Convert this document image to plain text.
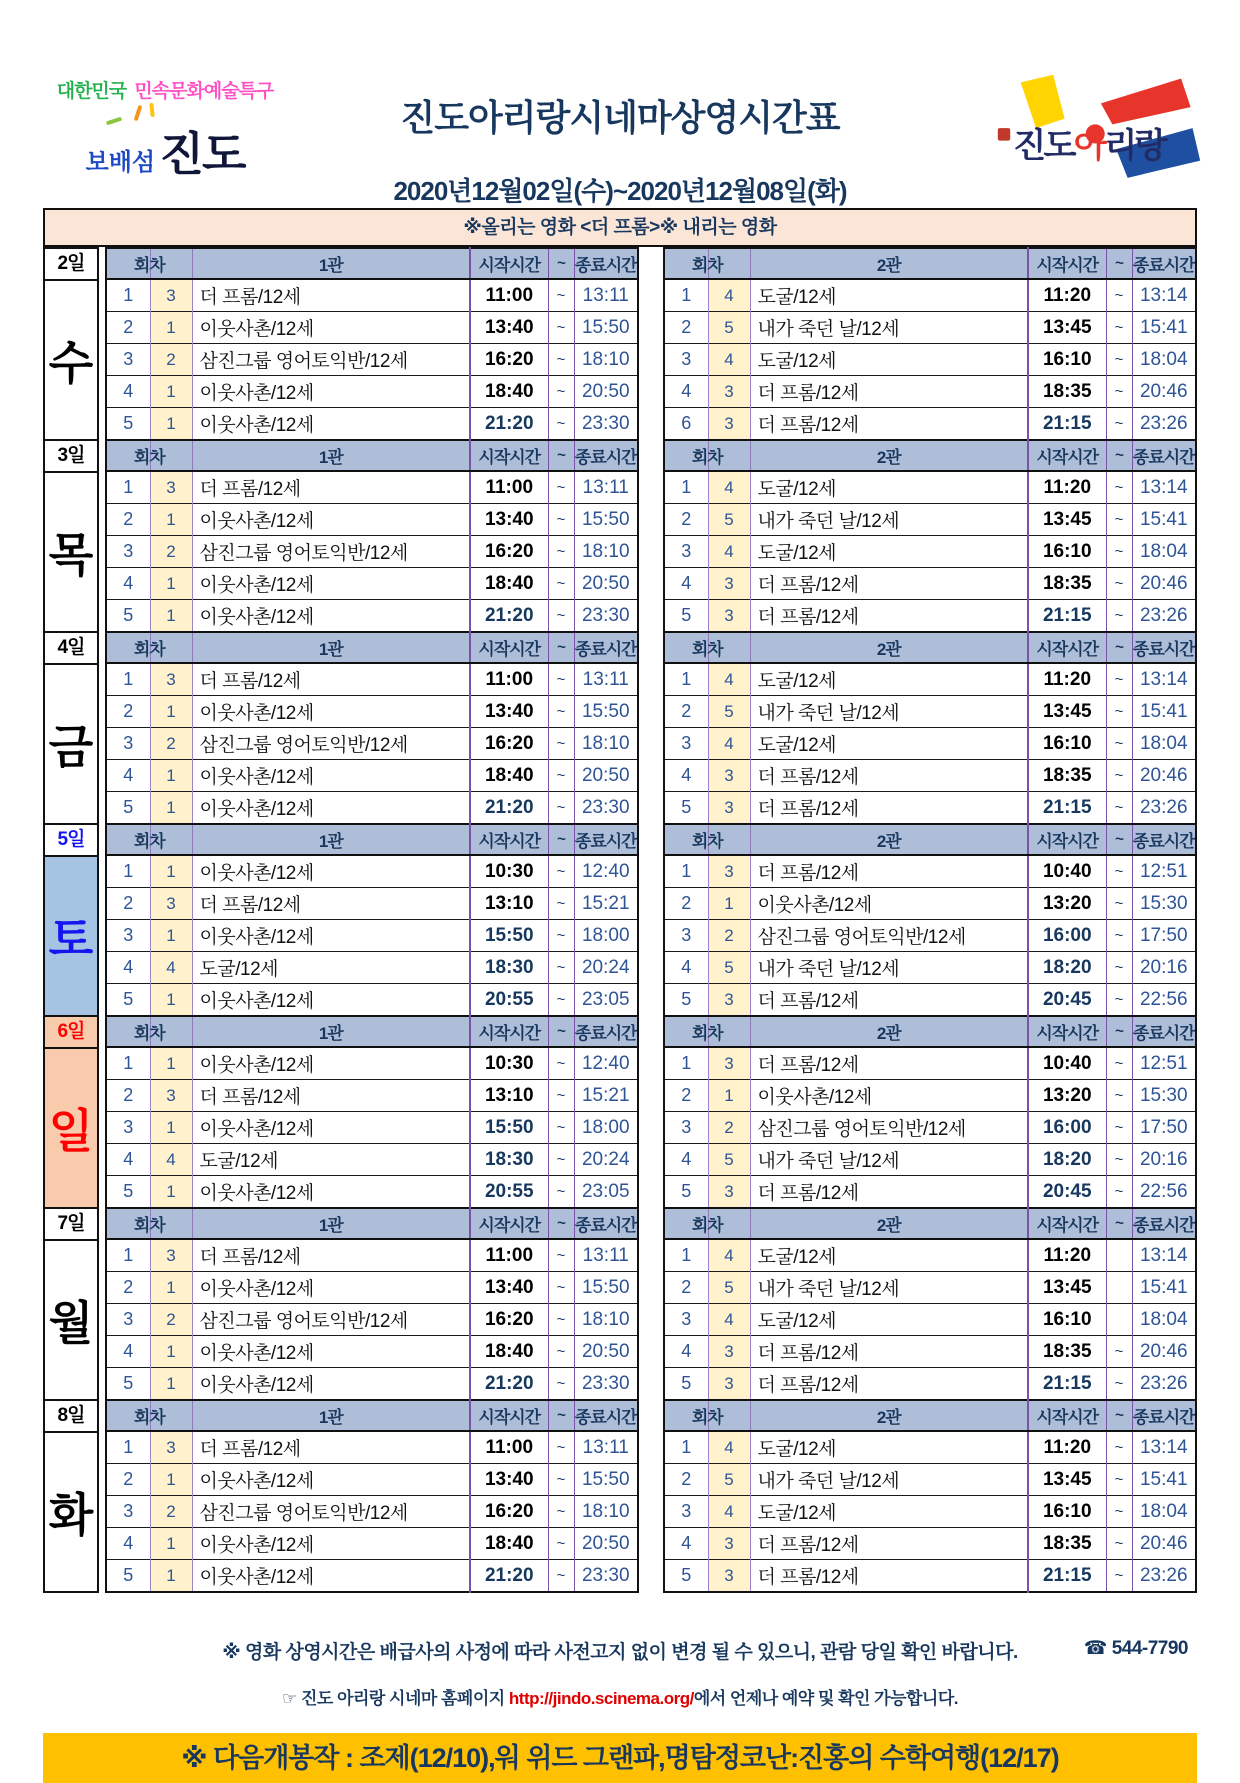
대한민국 민속문화예술특구
보배섬 진도
진도아리랑시네마상영시간표
2020년12월02일(수)~2020년12월08일(화)
진도아리랑
※올리는 영화 <더 프롬>※ 내리는 영화
2일
수
회차		1관	시작시간	~	종료시간
1	3	더 프롬/12세	11:00	~	13:11
2	1	이웃사촌/12세	13:40	~	15:50
3	2	삼진그룹 영어토익반/12세	16:20	~	18:10
4	1	이웃사촌/12세	18:40	~	20:50
5	1	이웃사촌/12세	21:20	~	23:30
회차		2관	시작시간	~	종료시간
1	4	도굴/12세	11:20	~	13:14
2	5	내가 죽던 날/12세	13:45	~	15:41
3	4	도굴/12세	16:10	~	18:04
4	3	더 프롬/12세	18:35	~	20:46
6	3	더 프롬/12세	21:15	~	23:26
3일
목
회차		1관	시작시간	~	종료시간
1	3	더 프롬/12세	11:00	~	13:11
2	1	이웃사촌/12세	13:40	~	15:50
3	2	삼진그룹 영어토익반/12세	16:20	~	18:10
4	1	이웃사촌/12세	18:40	~	20:50
5	1	이웃사촌/12세	21:20	~	23:30
회차		2관	시작시간	~	종료시간
1	4	도굴/12세	11:20	~	13:14
2	5	내가 죽던 날/12세	13:45	~	15:41
3	4	도굴/12세	16:10	~	18:04
4	3	더 프롬/12세	18:35	~	20:46
5	3	더 프롬/12세	21:15	~	23:26
4일
금
회차		1관	시작시간	~	종료시간
1	3	더 프롬/12세	11:00	~	13:11
2	1	이웃사촌/12세	13:40	~	15:50
3	2	삼진그룹 영어토익반/12세	16:20	~	18:10
4	1	이웃사촌/12세	18:40	~	20:50
5	1	이웃사촌/12세	21:20	~	23:30
회차		2관	시작시간	~	종료시간
1	4	도굴/12세	11:20	~	13:14
2	5	내가 죽던 날/12세	13:45	~	15:41
3	4	도굴/12세	16:10	~	18:04
4	3	더 프롬/12세	18:35	~	20:46
5	3	더 프롬/12세	21:15	~	23:26
5일
토
회차		1관	시작시간	~	종료시간
1	1	이웃사촌/12세	10:30	~	12:40
2	3	더 프롬/12세	13:10	~	15:21
3	1	이웃사촌/12세	15:50	~	18:00
4	4	도굴/12세	18:30	~	20:24
5	1	이웃사촌/12세	20:55	~	23:05
회차		2관	시작시간	~	종료시간
1	3	더 프롬/12세	10:40	~	12:51
2	1	이웃사촌/12세	13:20	~	15:30
3	2	삼진그룹 영어토익반/12세	16:00	~	17:50
4	5	내가 죽던 날/12세	18:20	~	20:16
5	3	더 프롬/12세	20:45	~	22:56
6일
일
회차		1관	시작시간	~	종료시간
1	1	이웃사촌/12세	10:30	~	12:40
2	3	더 프롬/12세	13:10	~	15:21
3	1	이웃사촌/12세	15:50	~	18:00
4	4	도굴/12세	18:30	~	20:24
5	1	이웃사촌/12세	20:55	~	23:05
회차		2관	시작시간	~	종료시간
1	3	더 프롬/12세	10:40	~	12:51
2	1	이웃사촌/12세	13:20	~	15:30
3	2	삼진그룹 영어토익반/12세	16:00	~	17:50
4	5	내가 죽던 날/12세	18:20	~	20:16
5	3	더 프롬/12세	20:45	~	22:56
7일
월
회차		1관	시작시간	~	종료시간
1	3	더 프롬/12세	11:00	~	13:11
2	1	이웃사촌/12세	13:40	~	15:50
3	2	삼진그룹 영어토익반/12세	16:20	~	18:10
4	1	이웃사촌/12세	18:40	~	20:50
5	1	이웃사촌/12세	21:20	~	23:30
회차		2관	시작시간	~	종료시간
1	4	도굴/12세	11:20		13:14
2	5	내가 죽던 날/12세	13:45		15:41
3	4	도굴/12세	16:10		18:04
4	3	더 프롬/12세	18:35	~	20:46
5	3	더 프롬/12세	21:15	~	23:26
8일
화
회차		1관	시작시간	~	종료시간
1	3	더 프롬/12세	11:00	~	13:11
2	1	이웃사촌/12세	13:40	~	15:50
3	2	삼진그룹 영어토익반/12세	16:20	~	18:10
4	1	이웃사촌/12세	18:40	~	20:50
5	1	이웃사촌/12세	21:20	~	23:30
회차		2관	시작시간	~	종료시간
1	4	도굴/12세	11:20	~	13:14
2	5	내가 죽던 날/12세	13:45	~	15:41
3	4	도굴/12세	16:10	~	18:04
4	3	더 프롬/12세	18:35	~	20:46
5	3	더 프롬/12세	21:15	~	23:26
※ 영화 상영시간은 배급사의 사정에 따라 사전고지 없이 변경 될 수 있으니, 관람 당일 확인 바랍니다.	☎ 544-7790
☞ 진도 아리랑 시네마 홈페이지 http://jindo.scinema.org/에서 언제나 예약 및 확인 가능합니다.
※ 다음개봉작 : 조제(12/10),워 위드 그랜파,명탐정코난:진홍의 수학여행(12/17)
